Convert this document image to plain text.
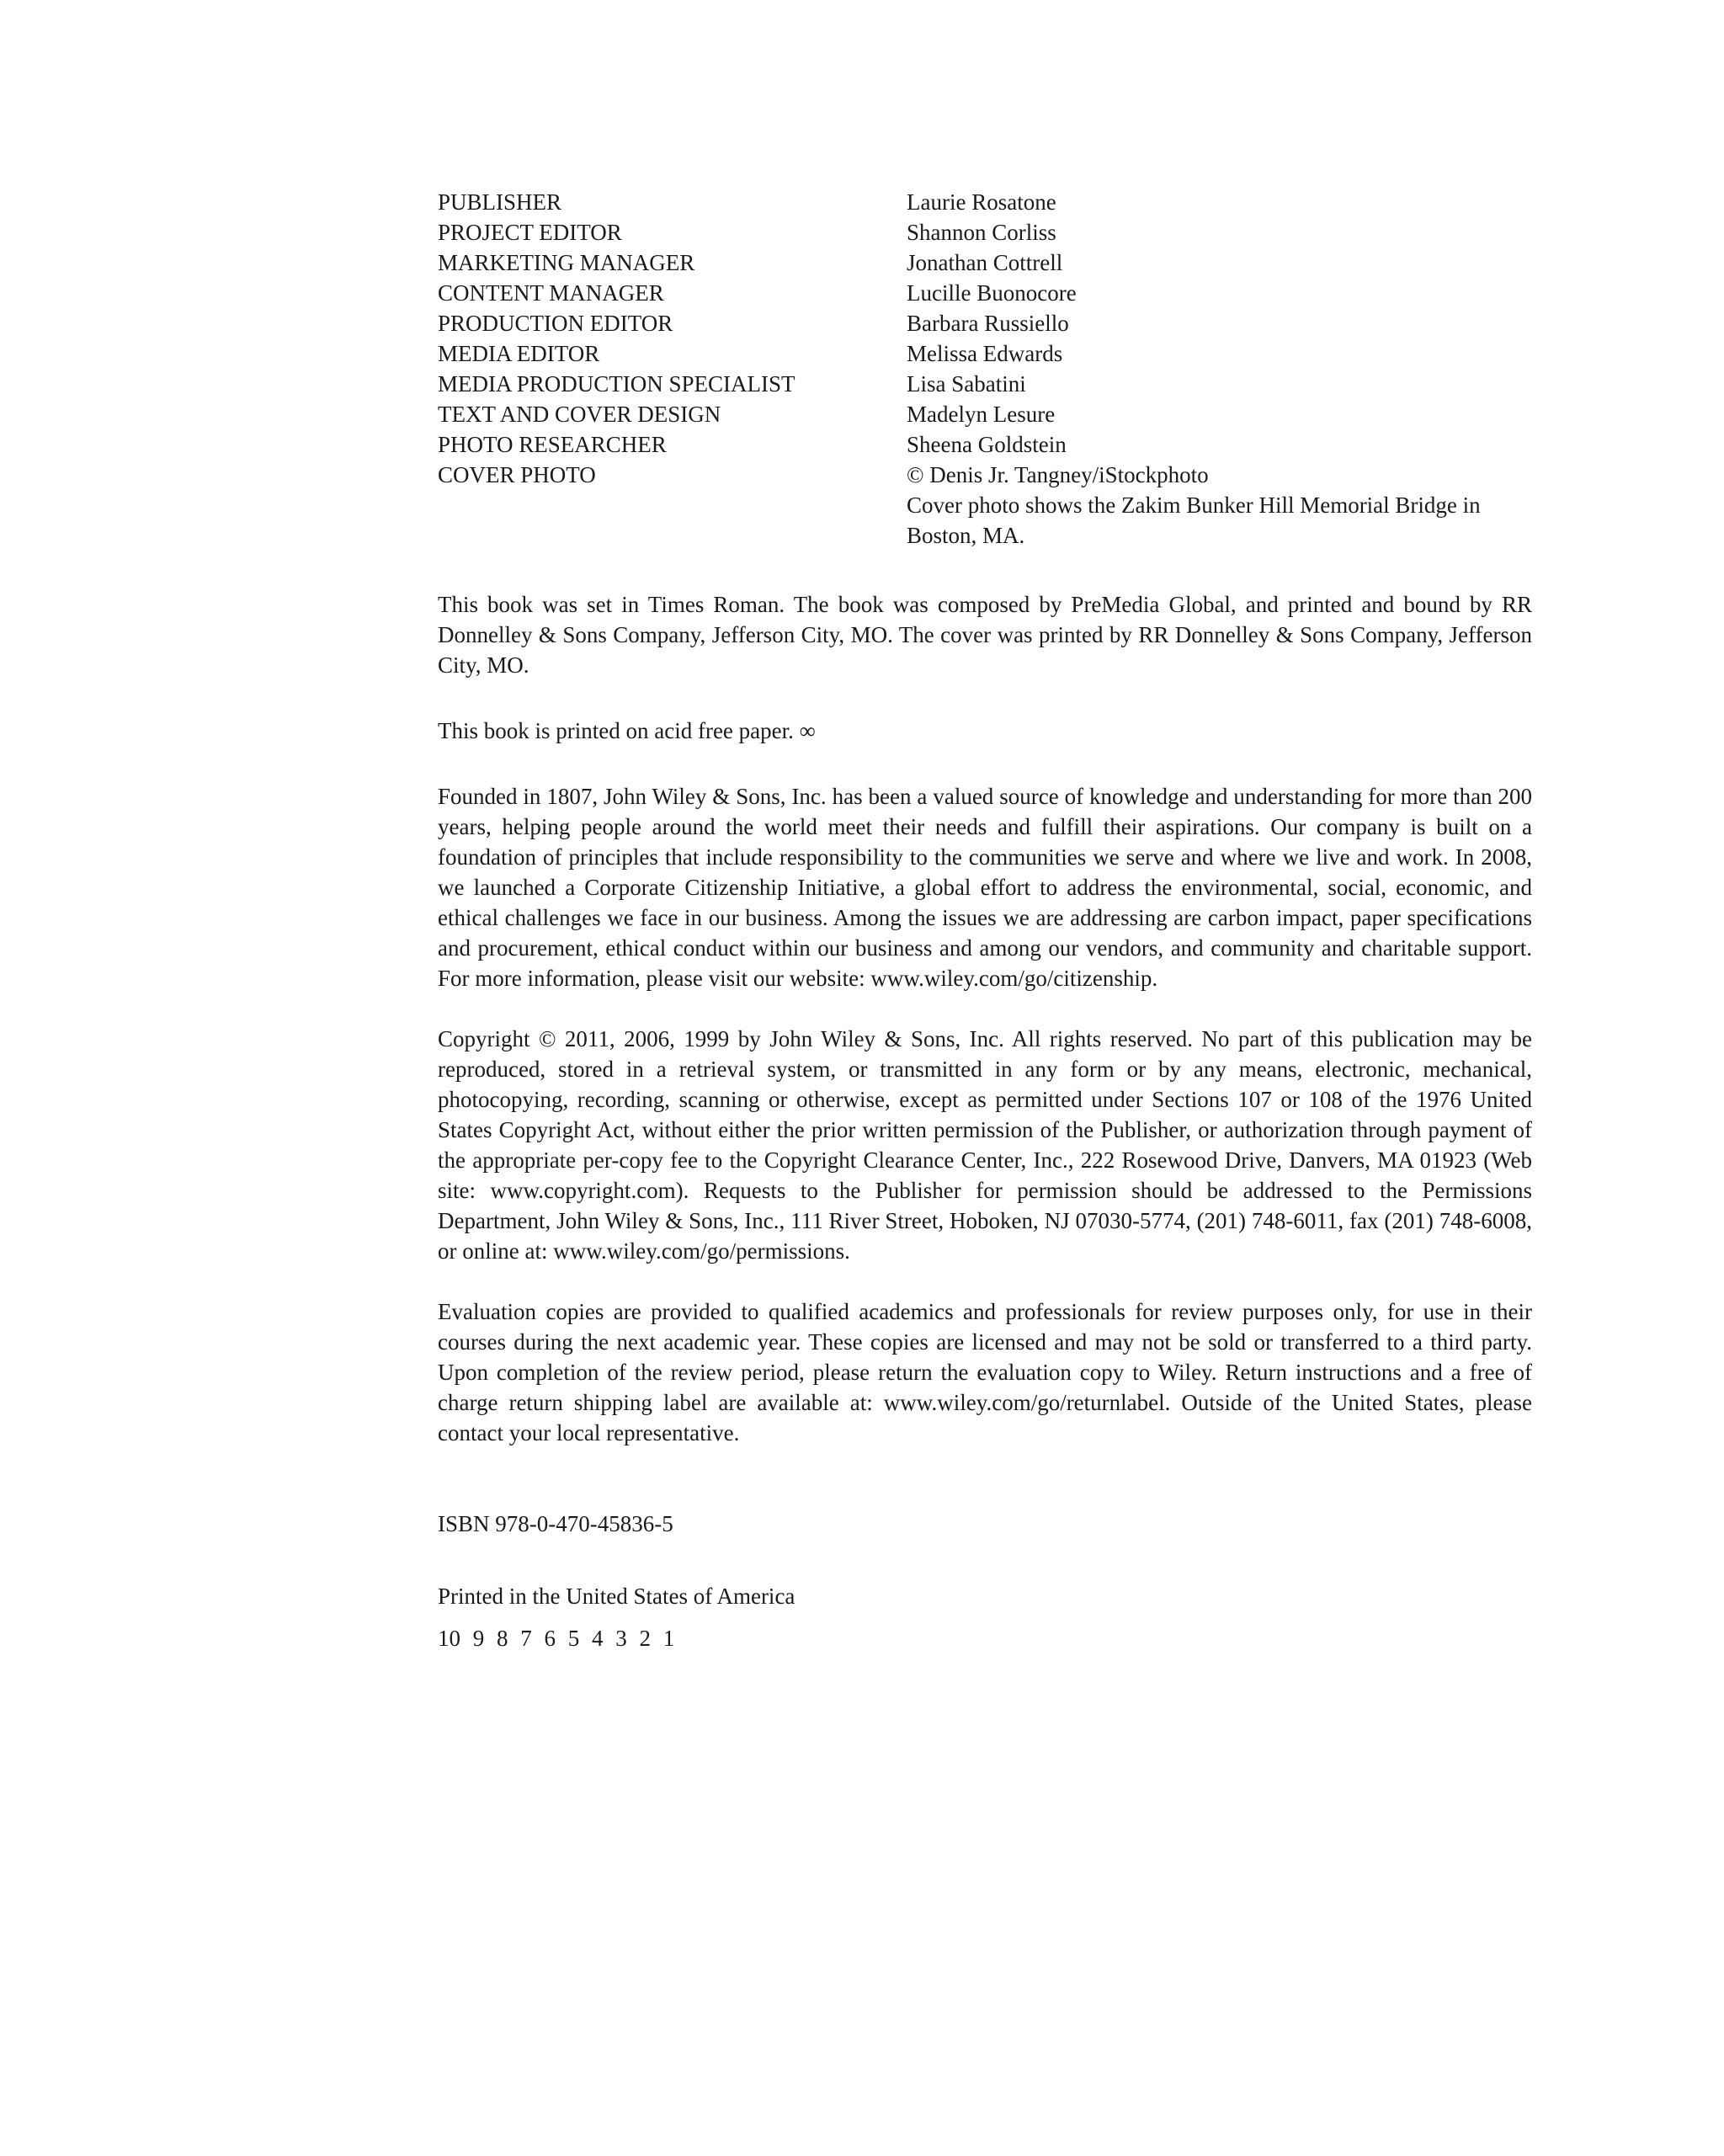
PUBLISHER	Laurie Rosatone
PROJECT EDITOR	Shannon Corliss
MARKETING MANAGER	Jonathan Cottrell
CONTENT MANAGER	Lucille Buonocore
PRODUCTION EDITOR	Barbara Russiello
MEDIA EDITOR	Melissa Edwards
MEDIA PRODUCTION SPECIALIST	Lisa Sabatini
TEXT AND COVER DESIGN	Madelyn Lesure
PHOTO RESEARCHER	Sheena Goldstein
COVER PHOTO	© Denis Jr. Tangney/iStockphoto
Cover photo shows the Zakim Bunker Hill Memorial Bridge in Boston, MA.

This book was set in Times Roman. The book was composed by PreMedia Global, and printed and bound by RR Donnelley & Sons Company, Jefferson City, MO. The cover was printed by RR Donnelley & Sons Company, Jefferson City, MO.

This book is printed on acid free paper. ∞

Founded in 1807, John Wiley & Sons, Inc. has been a valued source of knowledge and understanding for more than 200 years, helping people around the world meet their needs and fulfill their aspirations. Our company is built on a foundation of principles that include responsibility to the communities we serve and where we live and work. In 2008, we launched a Corporate Citizenship Initiative, a global effort to address the environmental, social, economic, and ethical challenges we face in our business. Among the issues we are addressing are carbon impact, paper specifications and procurement, ethical conduct within our business and among our vendors, and community and charitable support. For more information, please visit our website: www.wiley.com/go/citizenship.

Copyright © 2011, 2006, 1999 by John Wiley & Sons, Inc. All rights reserved. No part of this publication may be reproduced, stored in a retrieval system, or transmitted in any form or by any means, electronic, mechanical, photocopying, recording, scanning or otherwise, except as permitted under Sections 107 or 108 of the 1976 United States Copyright Act, without either the prior written permission of the Publisher, or authorization through payment of the appropriate per-copy fee to the Copyright Clearance Center, Inc., 222 Rosewood Drive, Danvers, MA 01923 (Web site: www.copyright.com). Requests to the Publisher for permission should be addressed to the Permissions Department, John Wiley & Sons, Inc., 111 River Street, Hoboken, NJ 07030-5774, (201) 748-6011, fax (201) 748-6008, or online at: www.wiley.com/go/permissions.

Evaluation copies are provided to qualified academics and professionals for review purposes only, for use in their courses during the next academic year. These copies are licensed and may not be sold or transferred to a third party. Upon completion of the review period, please return the evaluation copy to Wiley. Return instructions and a free of charge return shipping label are available at: www.wiley.com/go/returnlabel. Outside of the United States, please contact your local representative.

ISBN 978-0-470-45836-5

Printed in the United States of America

10 9 8 7 6 5 4 3 2 1
